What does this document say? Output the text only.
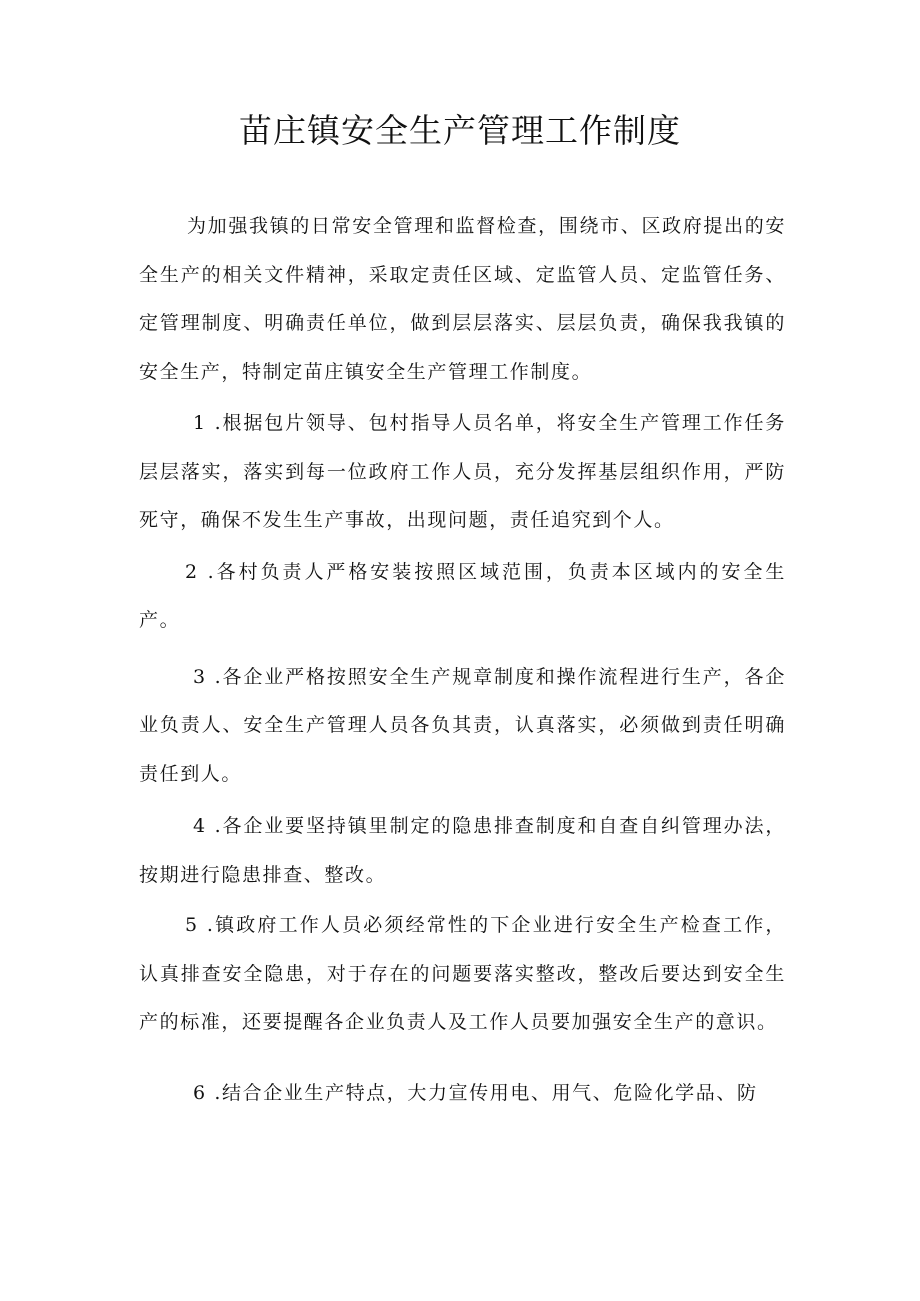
苗庄镇安全生产管理工作制度

为加强我镇的日常安全管理和监督检查，围绕市、区政府提出的安全生产的相关文件精神，采取定责任区域、定监管人员、定监管任务、定管理制度、明确责任单位，做到层层落实、层层负责，确保我我镇的安全生产，特制定苗庄镇安全生产管理工作制度。

1 .根据包片领导、包村指导人员名单，将安全生产管理工作任务层层落实，落实到每一位政府工作人员，充分发挥基层组织作用，严防死守，确保不发生生产事故，出现问题，责任追究到个人。

2 .各村负责人严格安装按照区域范围，负责本区域内的安全生产。

3 .各企业严格按照安全生产规章制度和操作流程进行生产，各企业负责人、安全生产管理人员各负其责，认真落实，必须做到责任明确责任到人。

4 .各企业要坚持镇里制定的隐患排查制度和自查自纠管理办法，按期进行隐患排查、整改。

5 .镇政府工作人员必须经常性的下企业进行安全生产检查工作，认真排查安全隐患，对于存在的问题要落实整改，整改后要达到安全生产的标准，还要提醒各企业负责人及工作人员要加强安全生产的意识。

6 .结合企业生产特点，大力宣传用电、用气、危险化学品、防
